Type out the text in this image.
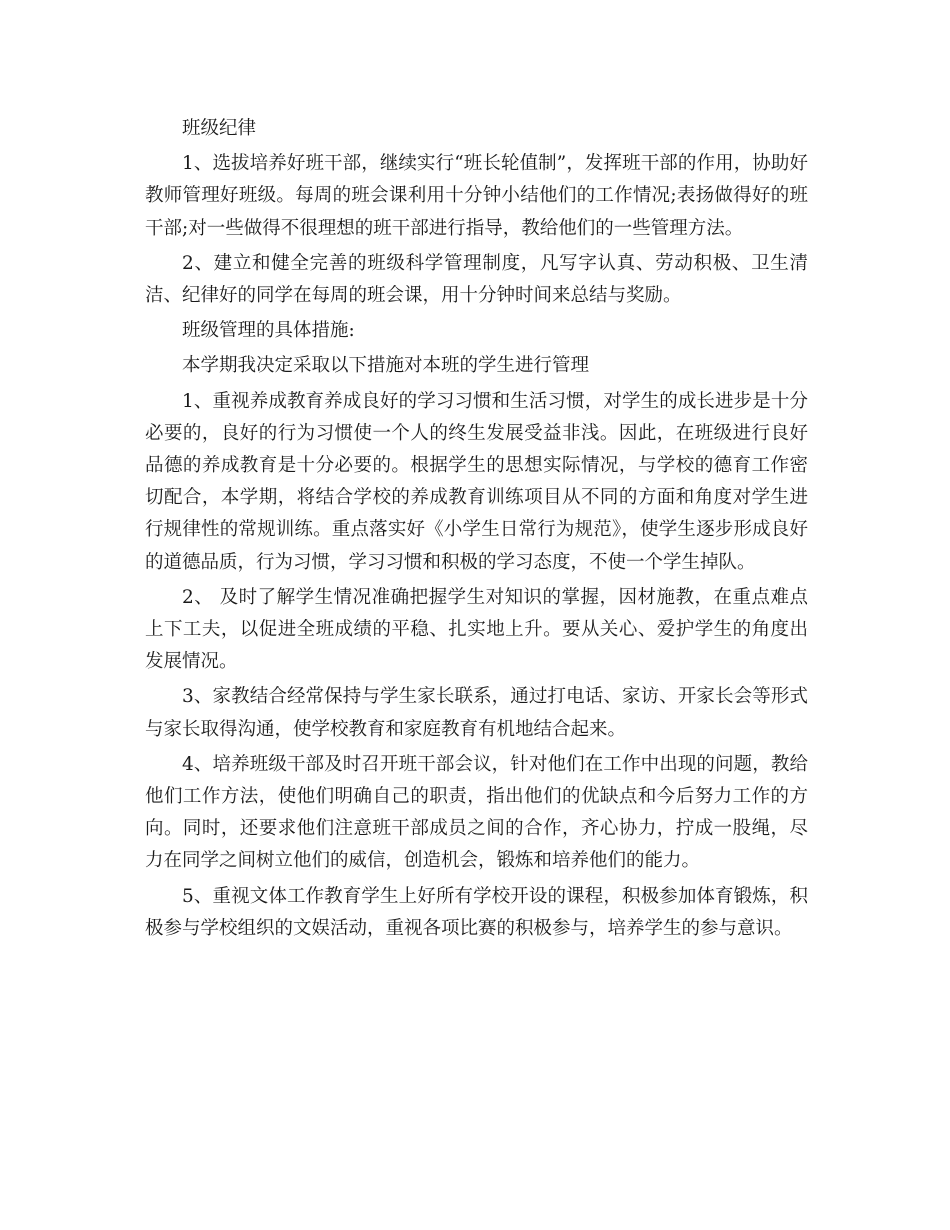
班级纪律

1、选拔培养好班干部，继续实行“班长轮值制”，发挥班干部的作用，协助好教师管理好班级。每周的班会课利用十分钟小结他们的工作情况;表扬做得好的班干部;对一些做得不很理想的班干部进行指导，教给他们的一些管理方法。

2、建立和健全完善的班级科学管理制度，凡写字认真、劳动积极、卫生清洁、纪律好的同学在每周的班会课，用十分钟时间来总结与奖励。

班级管理的具体措施:

本学期我决定采取以下措施对本班的学生进行管理

1、重视养成教育养成良好的学习习惯和生活习惯，对学生的成长进步是十分必要的，良好的行为习惯使一个人的终生发展受益非浅。因此，在班级进行良好品德的养成教育是十分必要的。根据学生的思想实际情况，与学校的德育工作密切配合，本学期，将结合学校的养成教育训练项目从不同的方面和角度对学生进行规律性的常规训练。重点落实好《小学生日常行为规范》，使学生逐步形成良好的道德品质，行为习惯，学习习惯和积极的学习态度，不使一个学生掉队。

2、 及时了解学生情况准确把握学生对知识的掌握，因材施教，在重点难点上下工夫，以促进全班成绩的平稳、扎实地上升。要从关心、爱护学生的角度出发展情况。

3、家教结合经常保持与学生家长联系，通过打电话、家访、开家长会等形式与家长取得沟通，使学校教育和家庭教育有机地结合起来。

4、培养班级干部及时召开班干部会议，针对他们在工作中出现的问题，教给他们工作方法，使他们明确自己的职责，指出他们的优缺点和今后努力工作的方向。同时，还要求他们注意班干部成员之间的合作，齐心协力，拧成一股绳，尽力在同学之间树立他们的威信，创造机会，锻炼和培养他们的能力。

5、重视文体工作教育学生上好所有学校开设的课程，积极参加体育锻炼，积极参与学校组织的文娱活动，重视各项比赛的积极参与，培养学生的参与意识。
